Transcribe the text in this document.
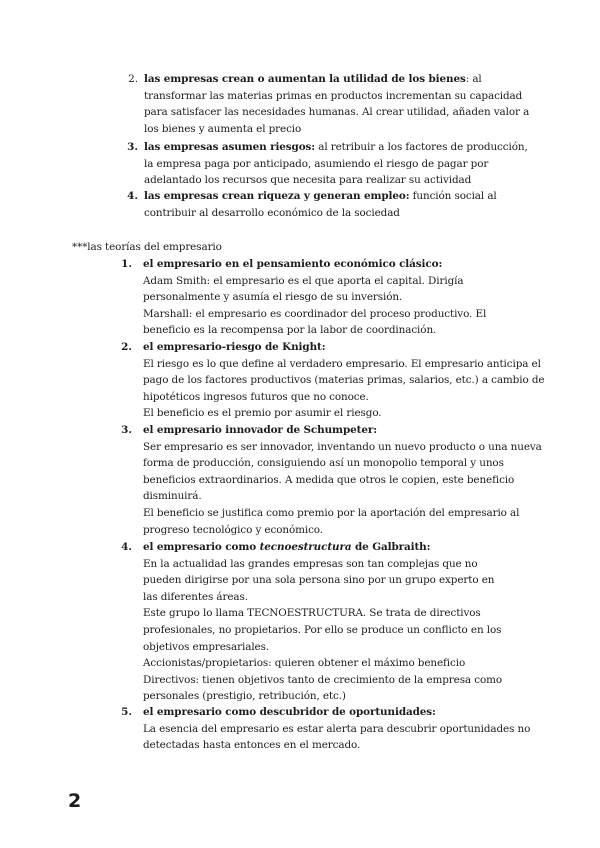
2. las empresas crean o aumentan la utilidad de los bienes: al transformar las materias primas en productos incrementan su capacidad para satisfacer las necesidades humanas. Al crear utilidad, añaden valor a los bienes y aumenta el precio

3. las empresas asumen riesgos: al retribuir a los factores de producción, la empresa paga por anticipado, asumiendo el riesgo de pagar por adelantado los recursos que necesita para realizar su actividad

4. las empresas crean riqueza y generan empleo: función social al contribuir al desarrollo económico de la sociedad

***las teorías del empresario

1. el empresario en el pensamiento económico clásico:

Adam Smith: el empresario es el que aporta el capital. Dirigía

personalmente y asumía el riesgo de su inversión.

Marshall: el empresario es coordinador del proceso productivo. El

beneficio es la recompensa por la labor de coordinación.

2. el empresario-riesgo de Knight:

El riesgo es lo que define al verdadero empresario. El empresario anticipa el

pago de los factores productivos (materias primas, salarios, etc.) a cambio de

hipotéticos ingresos futuros que no conoce.

El beneficio es el premio por asumir el riesgo.

3. el empresario innovador de Schumpeter:

Ser empresario es ser innovador, inventando un nuevo producto o una nueva

forma de producción, consiguiendo así un monopolio temporal y unos

beneficios extraordinarios. A medida que otros le copien, este beneficio

disminuirá.

El beneficio se justifica como premio por la aportación del empresario al

progreso tecnológico y económico.

4. el empresario como tecnoestructura de Galbraith:

En la actualidad las grandes empresas son tan complejas que no

pueden dirigirse por una sola persona sino por un grupo experto en

las diferentes áreas.

Este grupo lo llama TECNOESTRUCTURA. Se trata de directivos

profesionales, no propietarios. Por ello se produce un conflicto en los

objetivos empresariales.

Accionistas/propietarios: quieren obtener el máximo beneficio

Directivos: tienen objetivos tanto de crecimiento de la empresa como

personales (prestigio, retribución, etc.)

5. el empresario como descubridor de oportunidades:

La esencia del empresario es estar alerta para descubrir oportunidades no

detectadas hasta entonces en el mercado.

2
